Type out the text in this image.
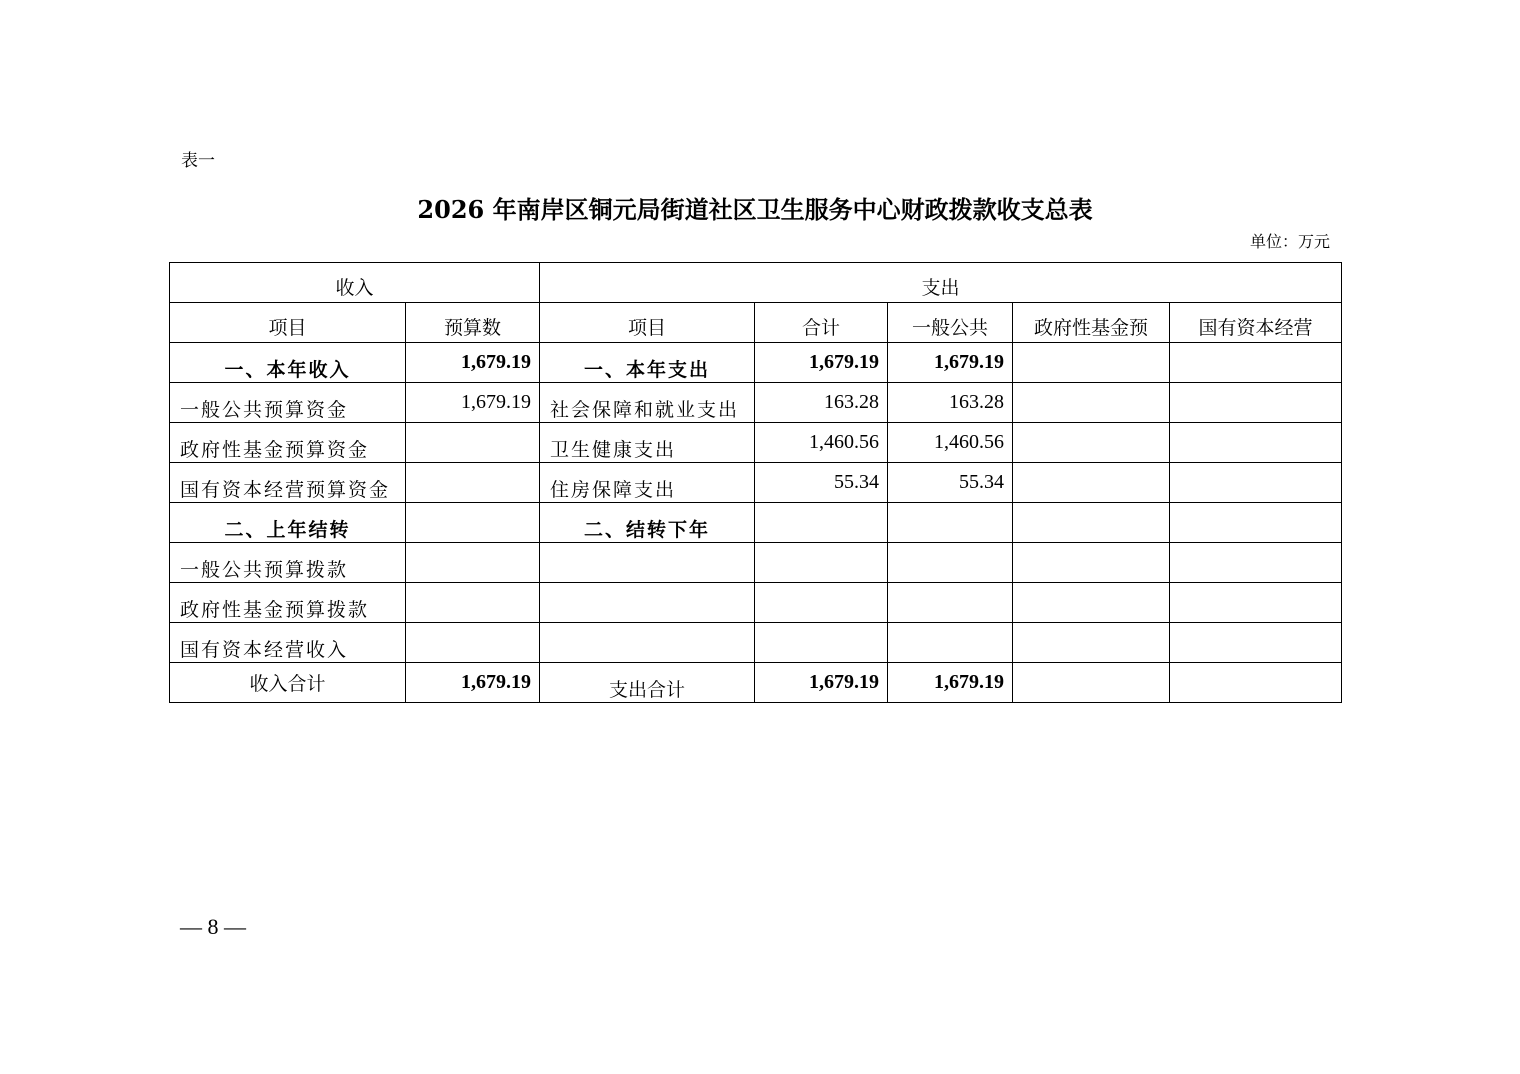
表一
2026 年南岸区铜元局街道社区卫生服务中心财政拨款收支总表
单位：万元
收入		支出				
项目	预算数	项目	合计	一般公共	政府性基金预	国有资本经营
一、本年收入	1,679.19	一、本年支出	1,679.19	1,679.19		
一般公共预算资金	1,679.19	社会保障和就业支出	163.28	163.28		
政府性基金预算资金		卫生健康支出	1,460.56	1,460.56		
国有资本经营预算资金		住房保障支出	55.34	55.34		
二、上年结转		二、结转下年				
一般公共预算拨款						
政府性基金预算拨款						
国有资本经营收入						
收入合计	1,679.19	支出合计	1,679.19	1,679.19		
— 8 —
